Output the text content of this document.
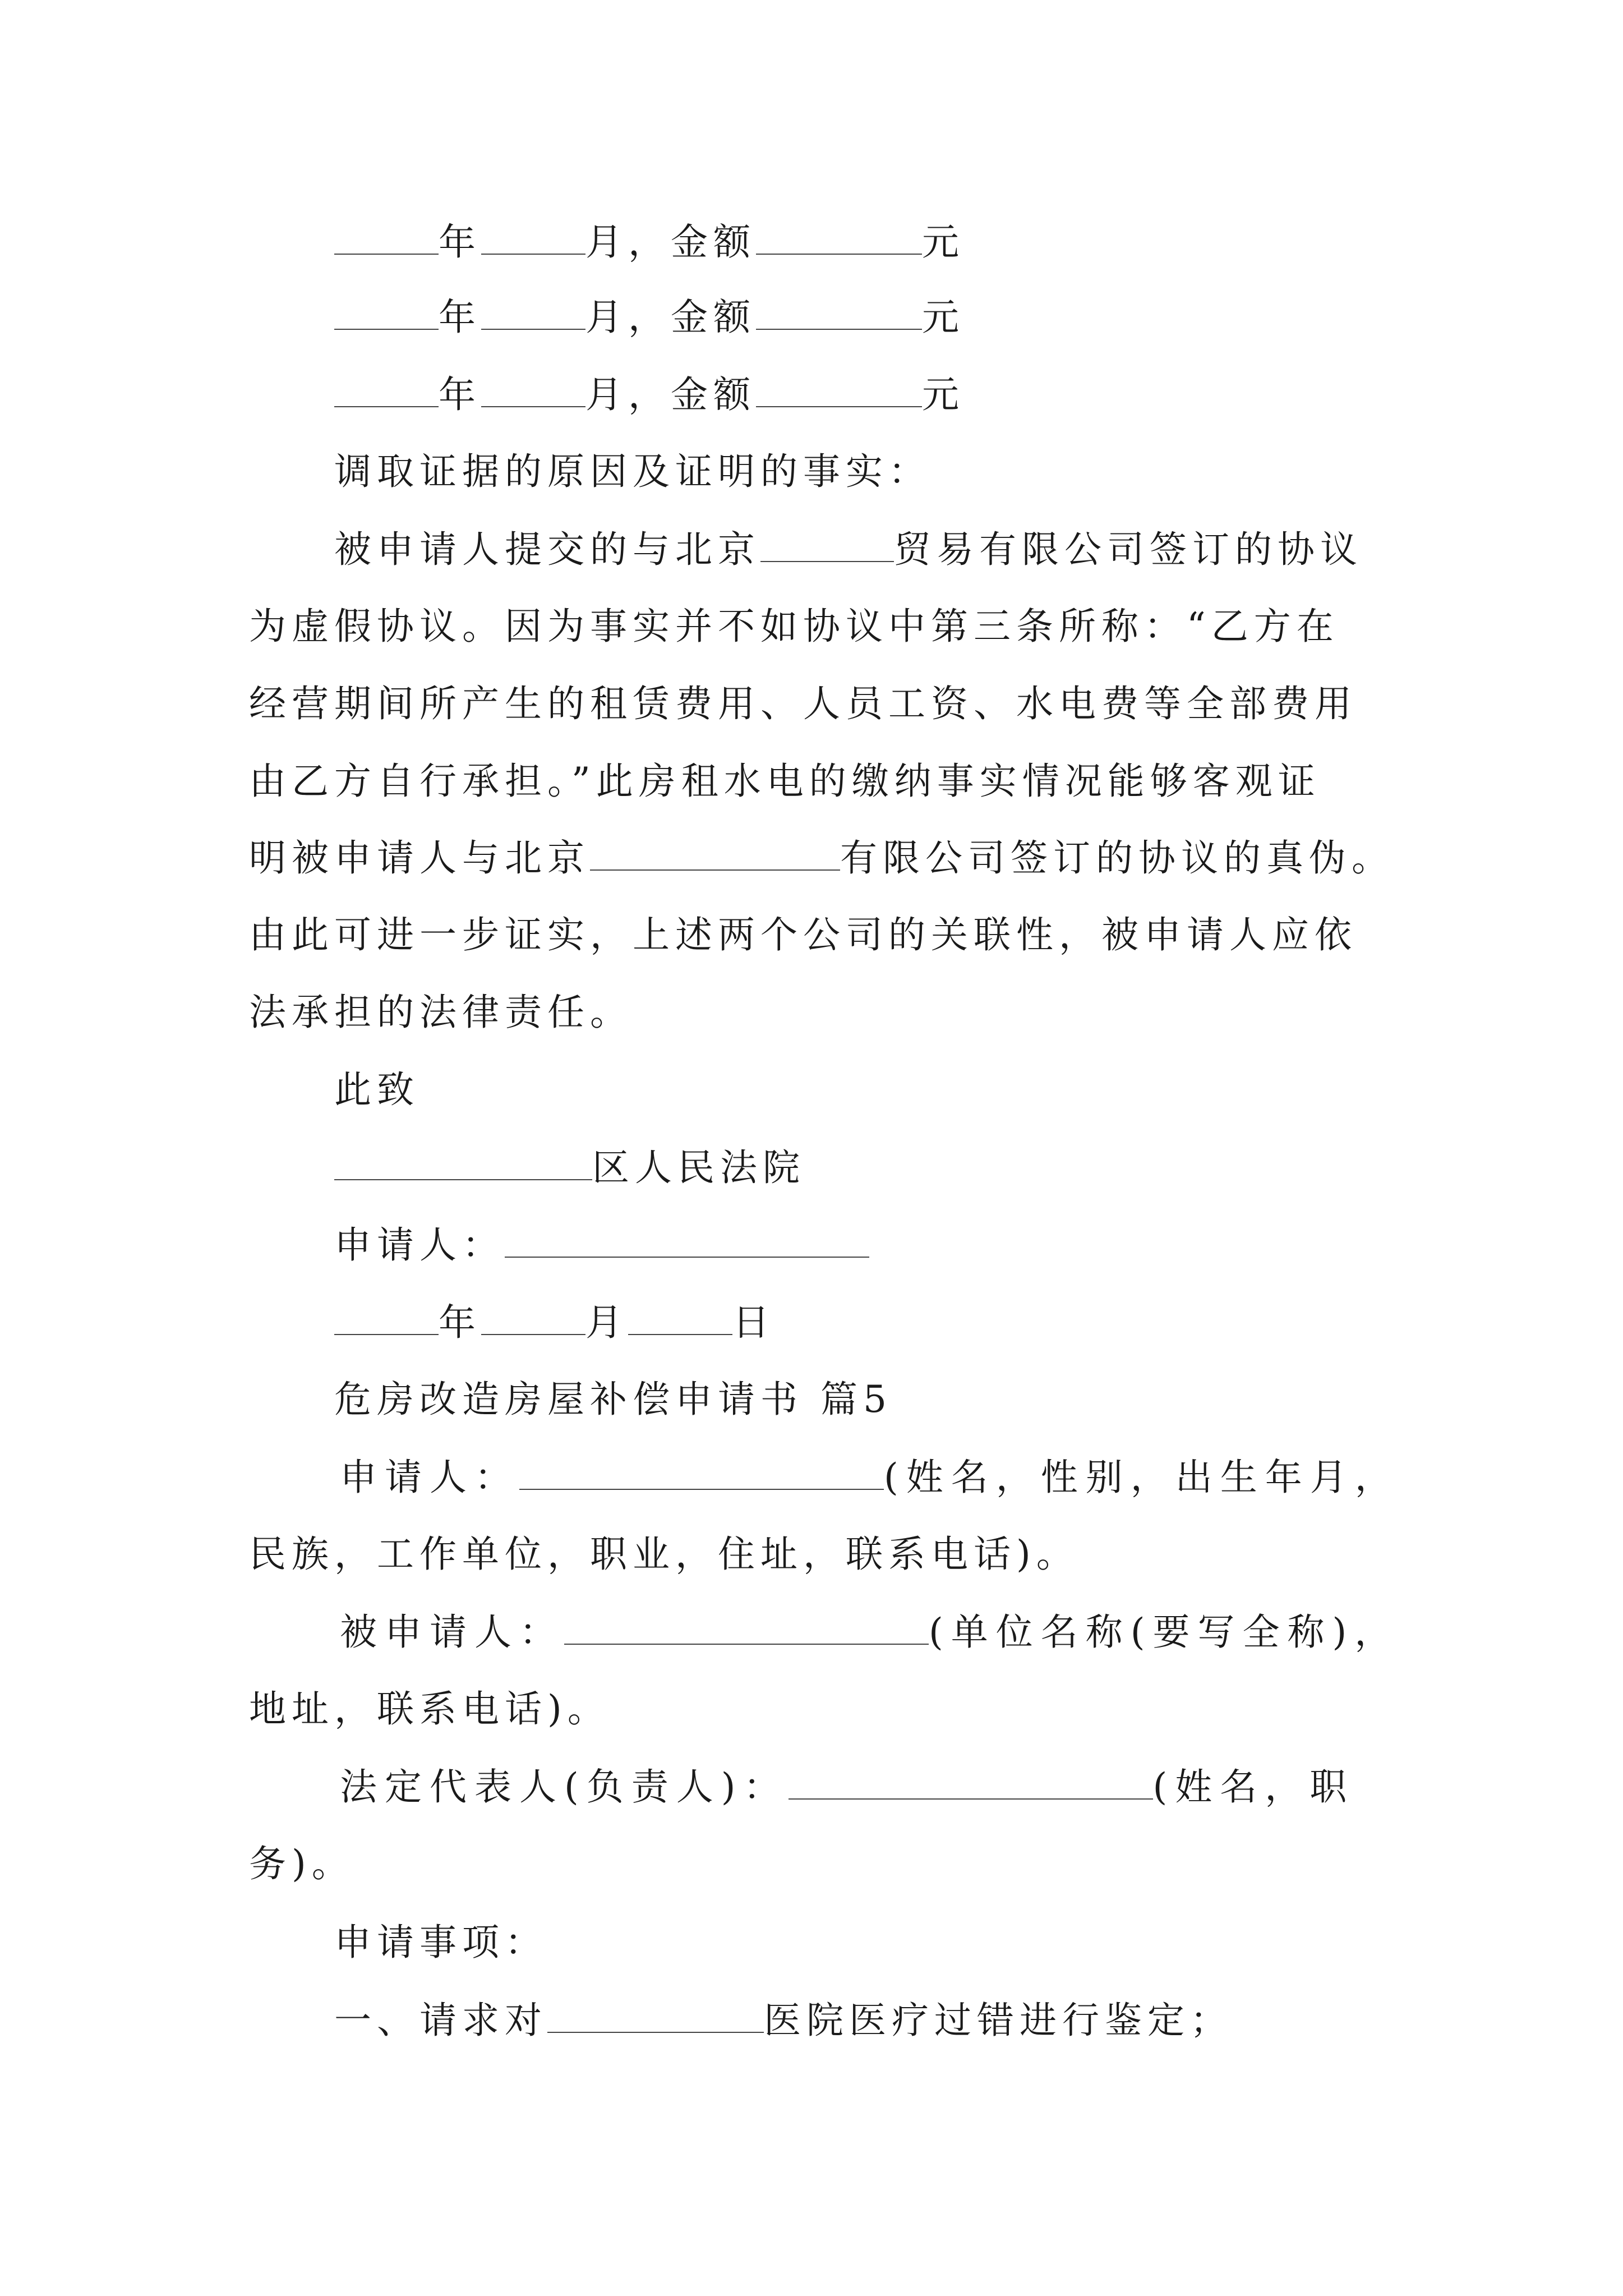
年	月，金额	元
年	月，金额	元
年	月，金额	元
调取证据的原因及证明的事实：
被申请人提交的与北京	贸易有限公司签订的协议
为虚假协议。因为事实并不如协议中第三条所称：“乙方在
经营期间所产生的租赁费用、人员工资、水电费等全部费用
由乙方自行承担。”此房租水电的缴纳事实情况能够客观证
明被申请人与北京	有限公司签订的协议的真伪。
由此可进一步证实，上述两个公司的关联性，被申请人应依
法承担的法律责任。
此致
区人民法院
申请人：
年	月	日
危房改造房屋补偿申请书 篇5
申请人：	(姓名，性别，出生年月，
民族，工作单位，职业，住址，联系电话)。
被申请人：	(单位名称(要写全称)，
地址，联系电话)。
法定代表人(负责人)：	(姓名，职
务)。
申请事项：
一、请求对	医院医疗过错进行鉴定；
